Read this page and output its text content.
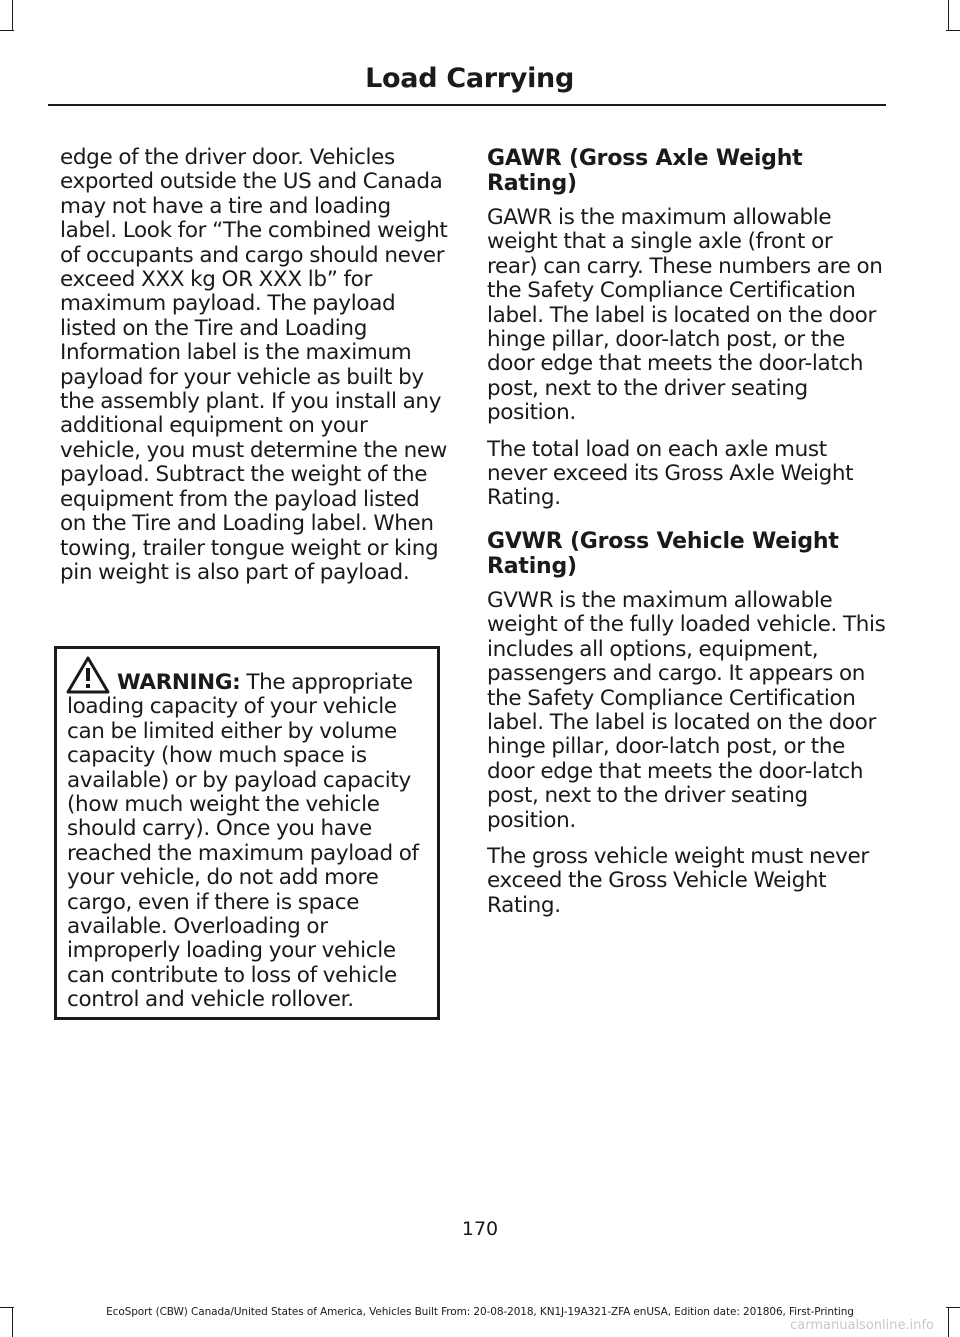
Load Carrying

edge of the driver door. Vehicles exported outside the US and Canada may not have a tire and loading label. Look for “The combined weight of occupants and cargo should never exceed XXX kg OR XXX lb” for maximum payload. The payload listed on the Tire and Loading Information label is the maximum payload for your vehicle as built by the assembly plant. If you install any additional equipment on your vehicle, you must determine the new payload. Subtract the weight of the equipment from the payload listed on the Tire and Loading label. When towing, trailer tongue weight or king pin weight is also part of payload.

WARNING: The appropriate loading capacity of your vehicle can be limited either by volume capacity (how much space is available) or by payload capacity (how much weight the vehicle should carry). Once you have reached the maximum payload of your vehicle, do not add more cargo, even if there is space available. Overloading or improperly loading your vehicle can contribute to loss of vehicle control and vehicle rollover.

GAWR (Gross Axle Weight Rating)

GAWR is the maximum allowable weight that a single axle (front or rear) can carry. These numbers are on the Safety Compliance Certification label. The label is located on the door hinge pillar, door-latch post, or the door edge that meets the door-latch post, next to the driver seating position.

The total load on each axle must never exceed its Gross Axle Weight Rating.

GVWR (Gross Vehicle Weight Rating)

GVWR is the maximum allowable weight of the fully loaded vehicle. This includes all options, equipment, passengers and cargo. It appears on the Safety Compliance Certification label. The label is located on the door hinge pillar, door-latch post, or the door edge that meets the door-latch post, next to the driver seating position.

The gross vehicle weight must never exceed the Gross Vehicle Weight Rating.

170
EcoSport (CBW) Canada/United States of America, Vehicles Built From: 20-08-2018, KN1J-19A321-ZFA enUSA, Edition date: 201806, First-Printing
carmanualsonline.info
